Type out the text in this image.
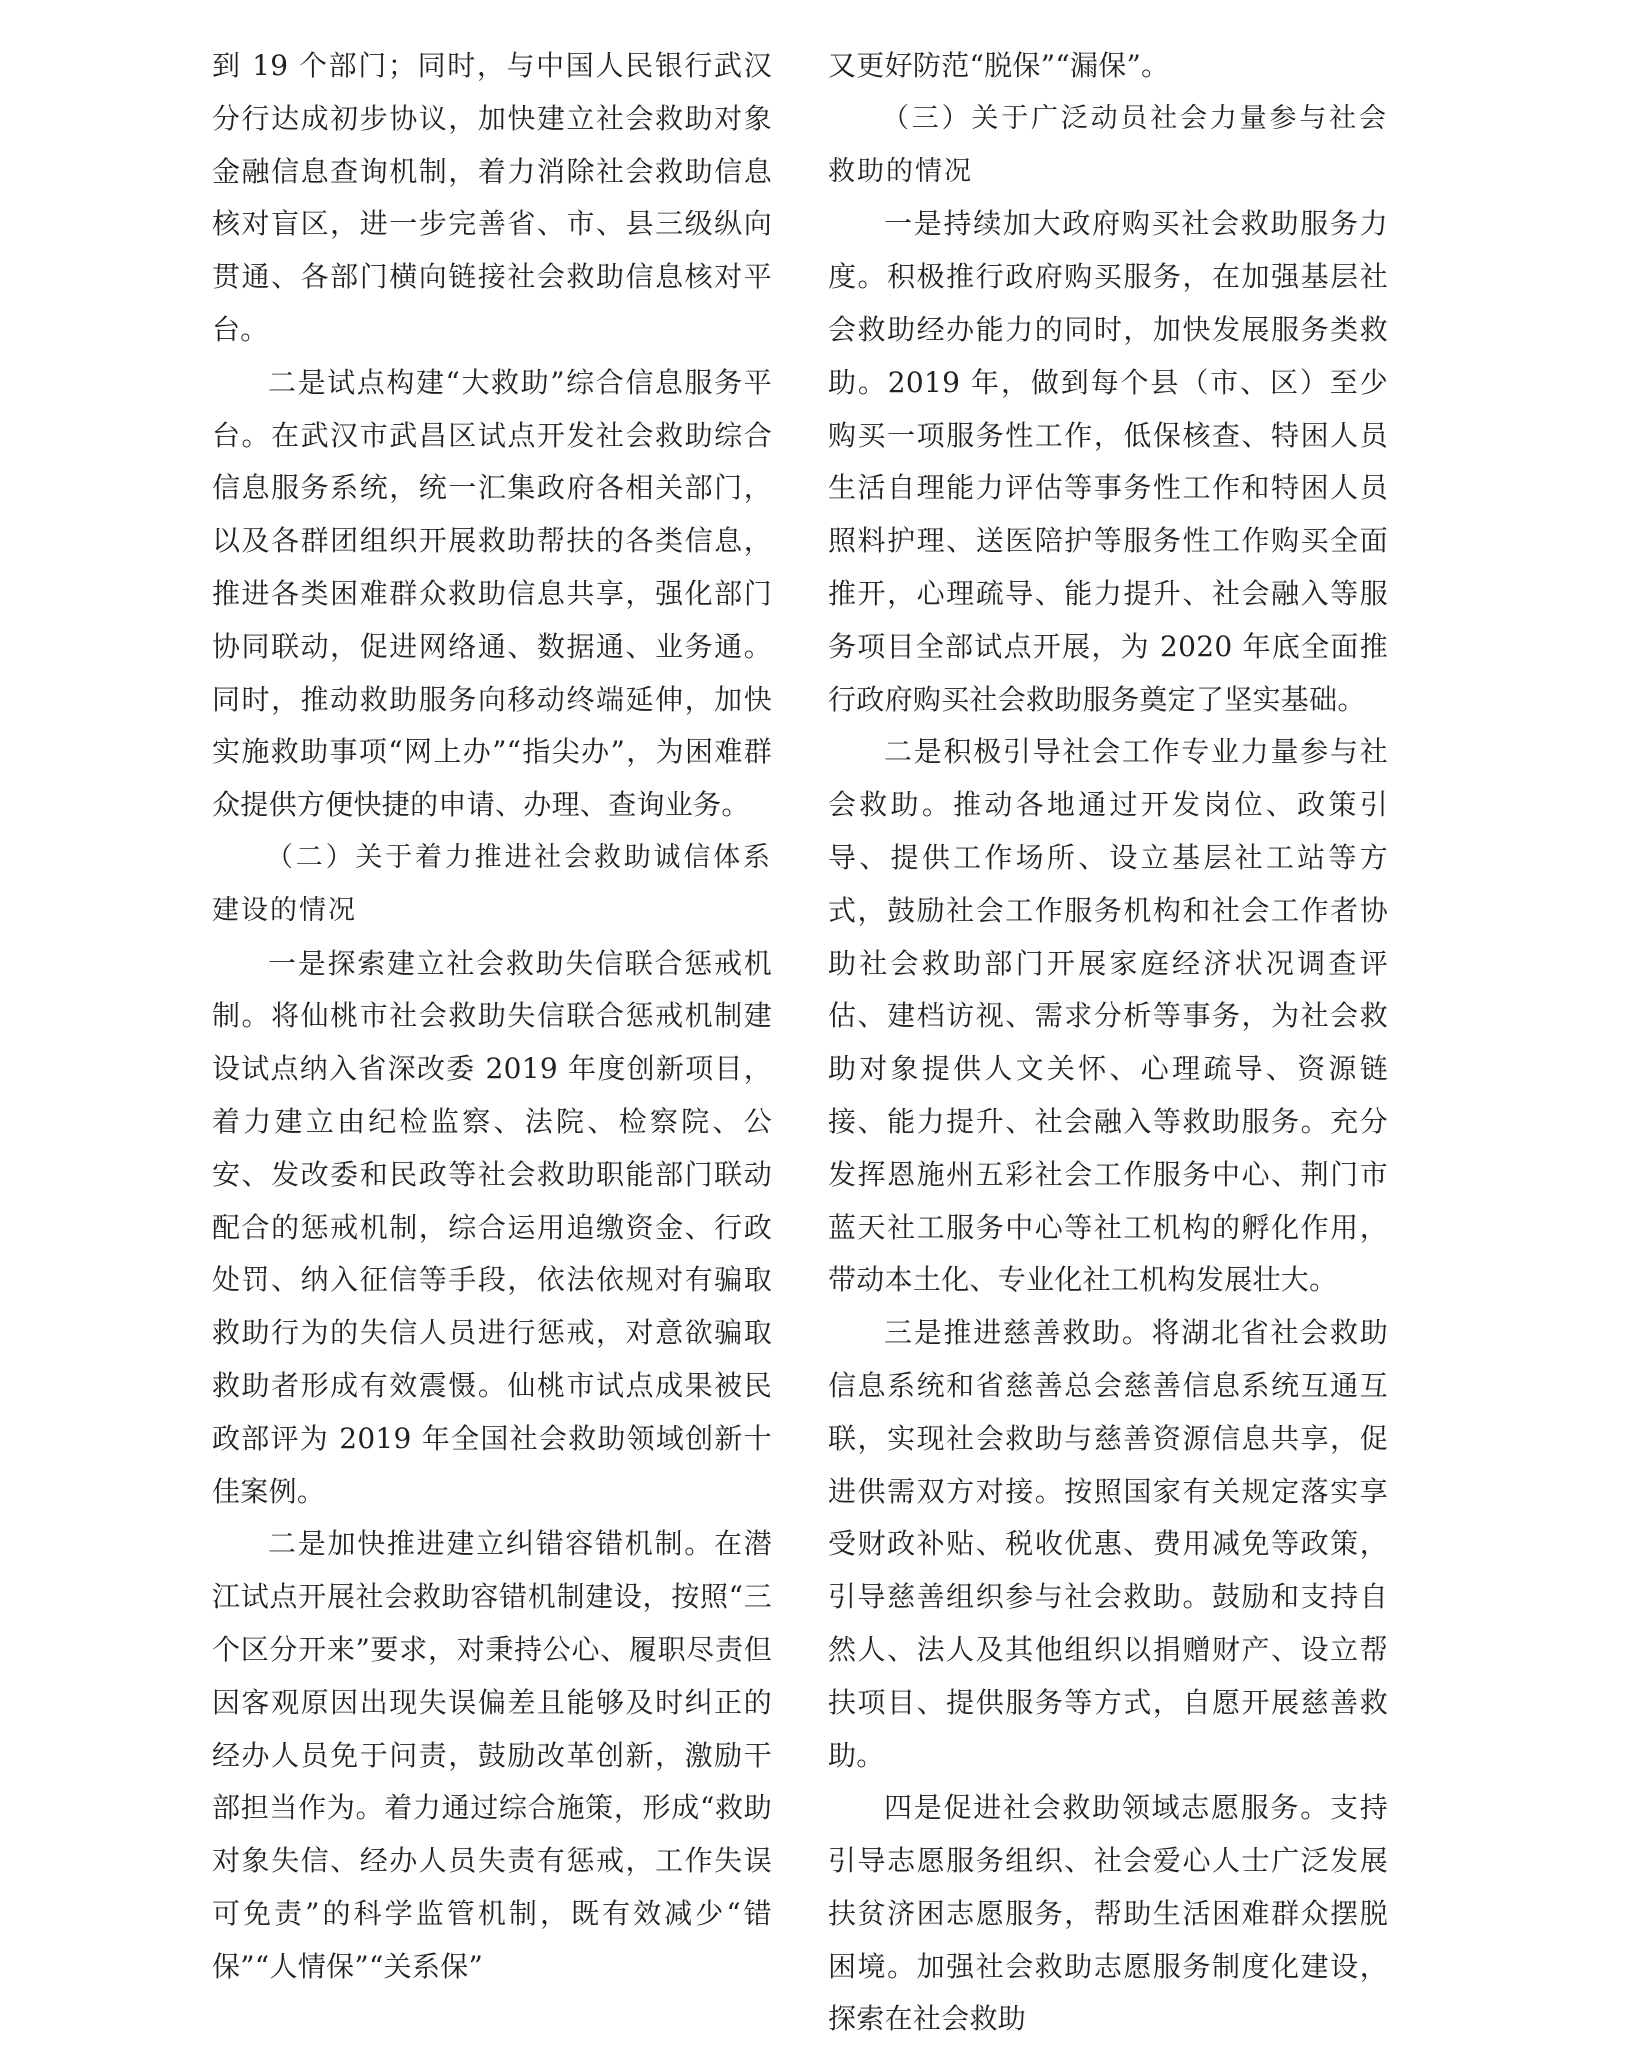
到 19 个部门；同时，与中国人民银行武汉分行达成初步协议，加快建立社会救助对象金融信息查询机制，着力消除社会救助信息核对盲区，进一步完善省、市、县三级纵向贯通、各部门横向链接社会救助信息核对平台。

二是试点构建“大救助”综合信息服务平台。在武汉市武昌区试点开发社会救助综合信息服务系统，统一汇集政府各相关部门，以及各群团组织开展救助帮扶的各类信息，推进各类困难群众救助信息共享，强化部门协同联动，促进网络通、数据通、业务通。同时，推动救助服务向移动终端延伸，加快实施救助事项“网上办”“指尖办”，为困难群众提供方便快捷的申请、办理、查询业务。

（二）关于着力推进社会救助诚信体系建设的情况

一是探索建立社会救助失信联合惩戒机制。将仙桃市社会救助失信联合惩戒机制建设试点纳入省深改委 2019 年度创新项目，着力建立由纪检监察、法院、检察院、公安、发改委和民政等社会救助职能部门联动配合的惩戒机制，综合运用追缴资金、行政处罚、纳入征信等手段，依法依规对有骗取救助行为的失信人员进行惩戒，对意欲骗取救助者形成有效震慑。仙桃市试点成果被民政部评为 2019 年全国社会救助领域创新十佳案例。

二是加快推进建立纠错容错机制。在潜江试点开展社会救助容错机制建设，按照“三个区分开来”要求，对秉持公心、履职尽责但因客观原因出现失误偏差且能够及时纠正的经办人员免于问责，鼓励改革创新，激励干部担当作为。着力通过综合施策，形成“救助对象失信、经办人员失责有惩戒，工作失误可免责”的科学监管机制，既有效减少“错保”“人情保”“关系保”

又更好防范“脱保”“漏保”。

（三）关于广泛动员社会力量参与社会救助的情况

一是持续加大政府购买社会救助服务力度。积极推行政府购买服务，在加强基层社会救助经办能力的同时，加快发展服务类救助。2019 年，做到每个县（市、区）至少购买一项服务性工作，低保核查、特困人员生活自理能力评估等事务性工作和特困人员照料护理、送医陪护等服务性工作购买全面推开，心理疏导、能力提升、社会融入等服务项目全部试点开展，为 2020 年底全面推行政府购买社会救助服务奠定了坚实基础。

二是积极引导社会工作专业力量参与社会救助。推动各地通过开发岗位、政策引导、提供工作场所、设立基层社工站等方式，鼓励社会工作服务机构和社会工作者协助社会救助部门开展家庭经济状况调查评估、建档访视、需求分析等事务，为社会救助对象提供人文关怀、心理疏导、资源链接、能力提升、社会融入等救助服务。充分发挥恩施州五彩社会工作服务中心、荆门市蓝天社工服务中心等社工机构的孵化作用，带动本土化、专业化社工机构发展壮大。

三是推进慈善救助。将湖北省社会救助信息系统和省慈善总会慈善信息系统互通互联，实现社会救助与慈善资源信息共享，促进供需双方对接。按照国家有关规定落实享受财政补贴、税收优惠、费用减免等政策，引导慈善组织参与社会救助。鼓励和支持自然人、法人及其他组织以捐赠财产、设立帮扶项目、提供服务等方式，自愿开展慈善救助。

四是促进社会救助领域志愿服务。支持引导志愿服务组织、社会爱心人士广泛发展扶贫济困志愿服务，帮助生活困难群众摆脱困境。加强社会救助志愿服务制度化建设，探索在社会救助
